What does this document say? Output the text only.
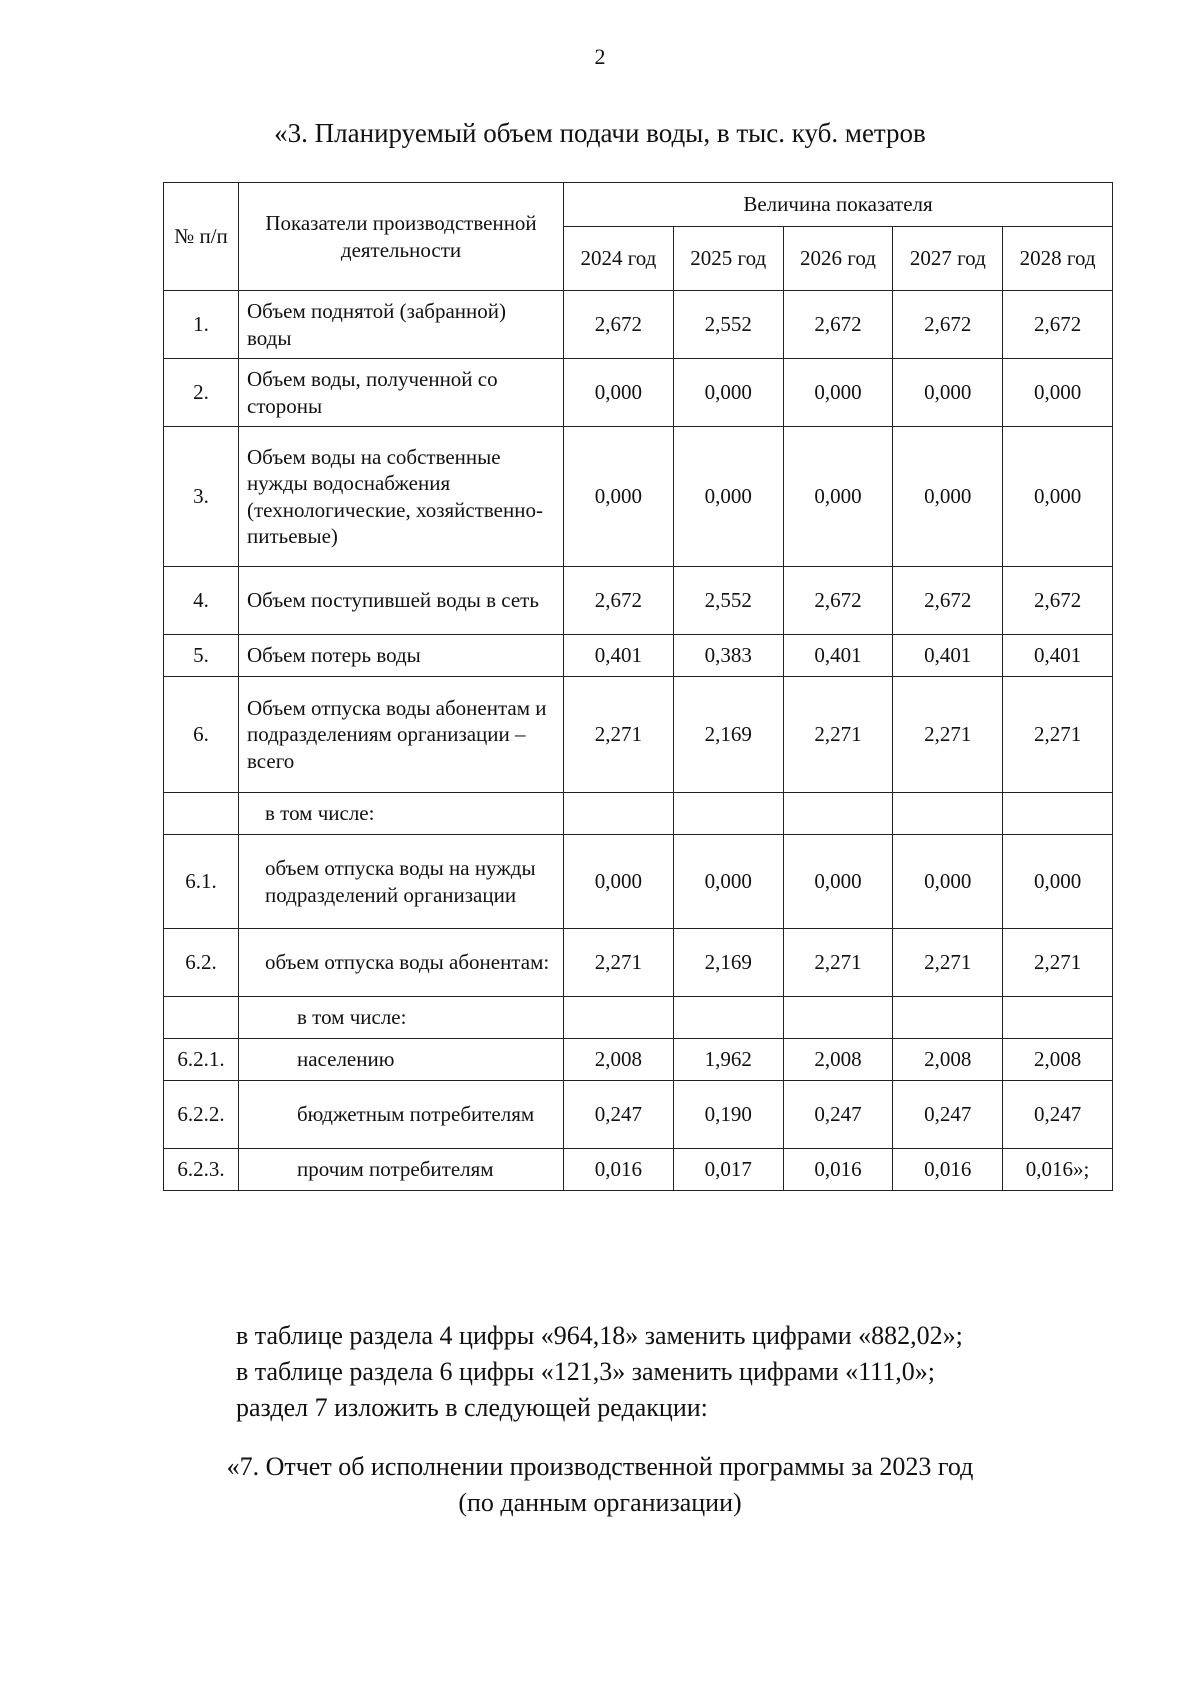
2
«3. Планируемый объем подачи воды, в тыс. куб. метров
№ п/п	Показатели производственной деятельности	Величина показателя				
		2024 год	2025 год	2026 год	2027 год	2028 год
1.	Объем поднятой (забранной) воды	2,672	2,552	2,672	2,672	2,672
2.	Объем воды, полученной со стороны	0,000	0,000	0,000	0,000	0,000
3.	Объем воды на собственные нужды водоснабжения (технологические, хозяйственно-питьевые)	0,000	0,000	0,000	0,000	0,000
4.	Объем поступившей воды в сеть	2,672	2,552	2,672	2,672	2,672
5.	Объем потерь воды	0,401	0,383	0,401	0,401	0,401
6.	Объем отпуска воды абонентам и подразделениям организации – всего	2,271	2,169	2,271	2,271	2,271
	в том числе:					
6.1.	объем отпуска воды на нужды подразделений организации	0,000	0,000	0,000	0,000	0,000
6.2.	объем отпуска воды абонентам:	2,271	2,169	2,271	2,271	2,271
	в том числе:					
6.2.1.	населению	2,008	1,962	2,008	2,008	2,008
6.2.2.	бюджетным потребителям	0,247	0,190	0,247	0,247	0,247
6.2.3.	прочим потребителям	0,016	0,017	0,016	0,016	0,016»;

в таблице раздела 4 цифры «964,18» заменить цифрами «882,02»;

в таблице раздела 6 цифры «121,3» заменить цифрами «111,0»;

раздел 7 изложить в следующей редакции:

«7. Отчет об исполнении производственной программы за 2023 год

(по данным организации)
